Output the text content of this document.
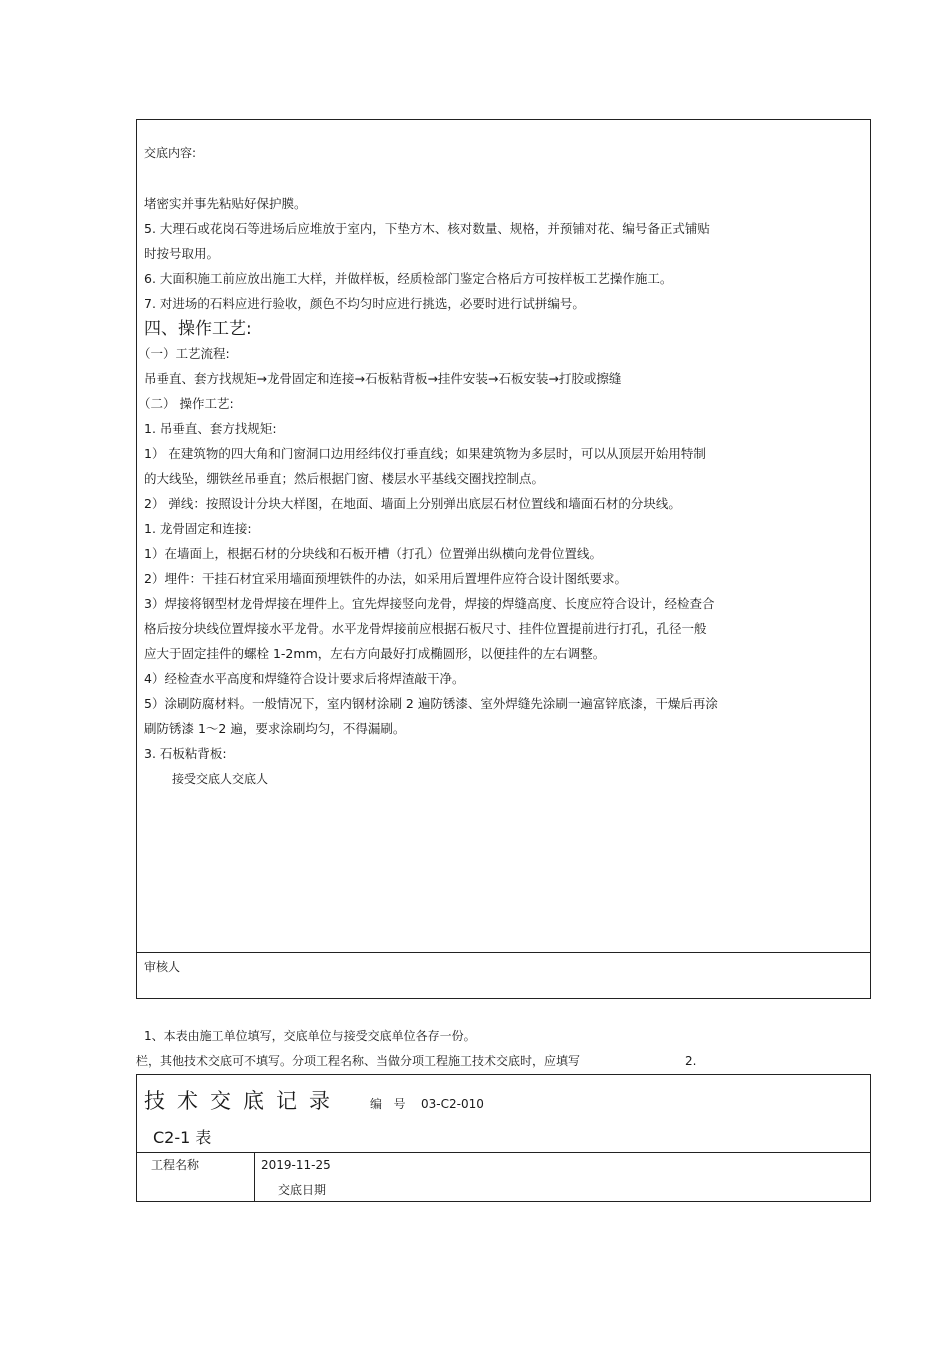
交底内容:
堵密实并事先粘贴好保护膜。
5. 大理石或花岗石等进场后应堆放于室内，下垫方木、核对数量、规格，并预铺对花、编号备正式铺贴
时按号取用。
6. 大面积施工前应放出施工大样，并做样板，经质检部门鉴定合格后方可按样板工艺操作施工。
7. 对进场的石料应进行验收，颜色不均匀时应进行挑选，必要时进行试拼编号。
四、操作工艺:
（一）工艺流程:
吊垂直、套方找规矩→龙骨固定和连接→石板粘背板→挂件安装→石板安装→打胶或擦缝
（二） 操作工艺:
1. 吊垂直、套方找规矩:
1） 在建筑物的四大角和门窗洞口边用经纬仪打垂直线；如果建筑物为多层时，可以从顶层开始用特制
的大线坠，绷铁丝吊垂直；然后根据门窗、楼层水平基线交圈找控制点。
2） 弹线：按照设计分块大样图，在地面、墙面上分别弹出底层石材位置线和墙面石材的分块线。
1. 龙骨固定和连接:
1）在墙面上，根据石材的分块线和石板开槽（打孔）位置弹出纵横向龙骨位置线。
2）埋件：干挂石材宜采用墙面预埋铁件的办法，如采用后置埋件应符合设计图纸要求。
3）焊接将钢型材龙骨焊接在埋件上。宜先焊接竖向龙骨，焊接的焊缝高度、长度应符合设计，经检查合
格后按分块线位置焊接水平龙骨。水平龙骨焊接前应根据石板尺寸、挂件位置提前进行打孔，孔径一般
应大于固定挂件的螺栓 1-2mm，左右方向最好打成椭圆形，以便挂件的左右调整。
4）经检查水平高度和焊缝符合设计要求后将焊渣敲干净。
5）涂刷防腐材料。一般情况下，室内钢材涂刷 2 遍防锈漆、室外焊缝先涂刷一遍富锌底漆，干燥后再涂
刷防锈漆 1～2 遍，要求涂刷均匀，不得漏刷。
3. 石板粘背板:
接受交底人交底人
审核人
1、本表由施工单位填写，交底单位与接受交底单位各存一份。
栏，其他技术交底可不填写。分项工程名称、当做分项工程施工技术交底时，应填写	2.
技术交底记录 编   号 03-C2-010
C2-1 表
工程名称	2019-11-25
交底日期
